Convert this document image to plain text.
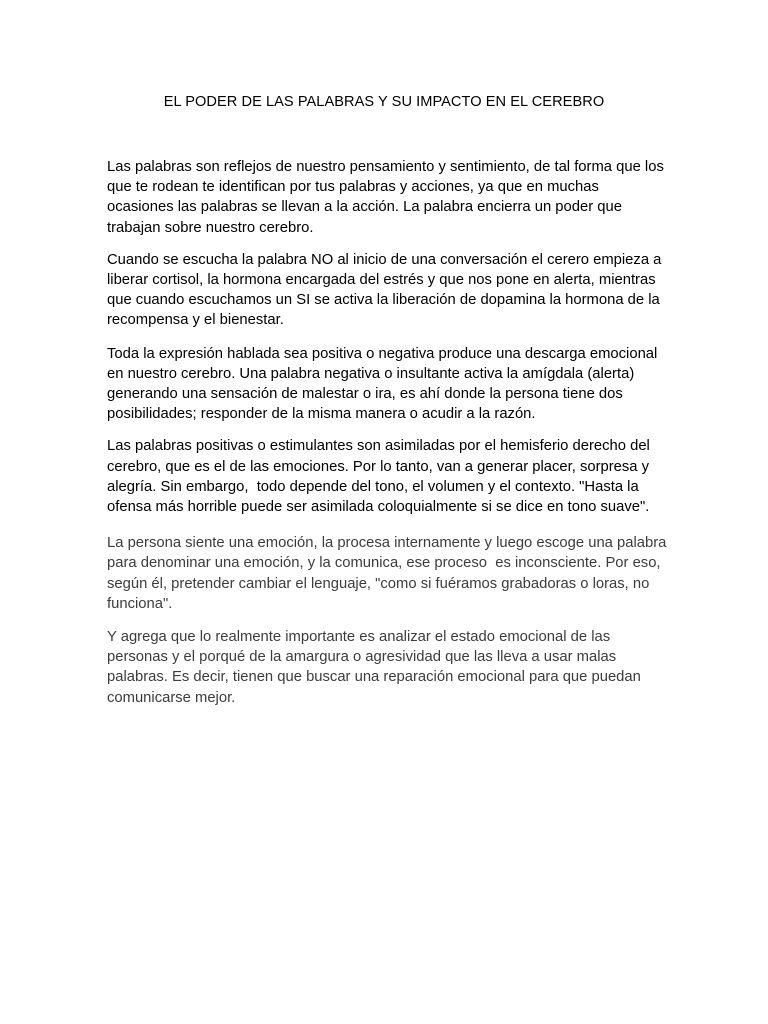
EL PODER DE LAS PALABRAS Y SU IMPACTO EN EL CEREBRO

Las palabras son reflejos de nuestro pensamiento y sentimiento, de tal forma que los que te rodean te identifican por tus palabras y acciones, ya que en muchas ocasiones las palabras se llevan a la acción. La palabra encierra un poder que trabajan sobre nuestro cerebro.

Cuando se escucha la palabra NO al inicio de una conversación el cerero empieza a liberar cortisol, la hormona encargada del estrés y que nos pone en alerta, mientras que cuando escuchamos un SI se activa la liberación de dopamina la hormona de la recompensa y el bienestar.

Toda la expresión hablada sea positiva o negativa produce una descarga emocional en nuestro cerebro. Una palabra negativa o insultante activa la amígdala (alerta) generando una sensación de malestar o ira, es ahí donde la persona tiene dos posibilidades; responder de la misma manera o acudir a la razón.

Las palabras positivas o estimulantes son asimiladas por el hemisferio derecho del cerebro, que es el de las emociones. Por lo tanto, van a generar placer, sorpresa y alegría. Sin embargo,  todo depende del tono, el volumen y el contexto. "Hasta la ofensa más horrible puede ser asimilada coloquialmente si se dice en tono suave".

La persona siente una emoción, la procesa internamente y luego escoge una palabra para denominar una emoción, y la comunica, ese proceso  es inconsciente. Por eso, según él, pretender cambiar el lenguaje, "como si fuéramos grabadoras o loras, no funciona".

Y agrega que lo realmente importante es analizar el estado emocional de las personas y el porqué de la amargura o agresividad que las lleva a usar malas palabras. Es decir, tienen que buscar una reparación emocional para que puedan comunicarse mejor.
